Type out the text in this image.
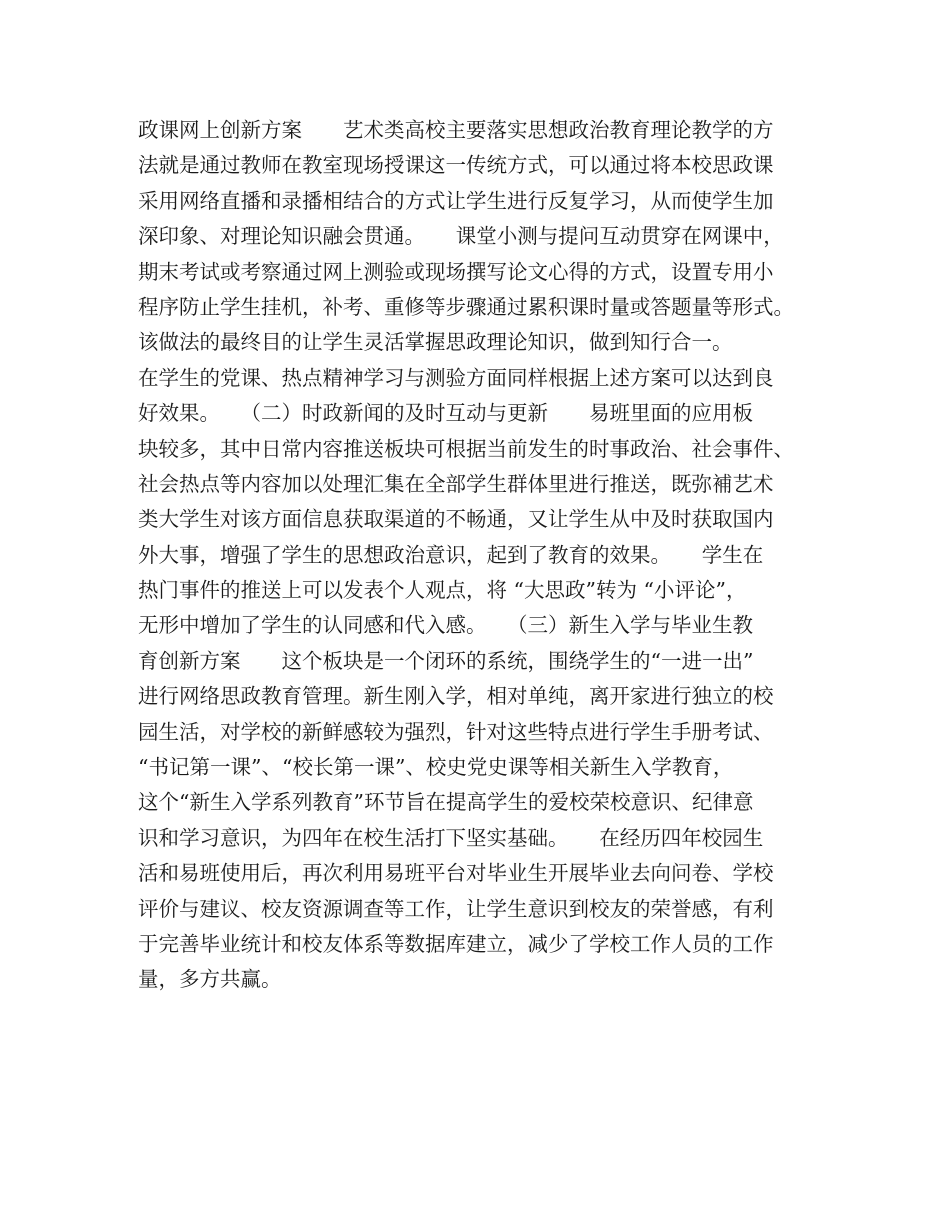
政课网上创新方案　　艺术类高校主要落实思想政治教育理论教学的方
法就是通过教师在教室现场授课这一传统方式，可以通过将本校思政课
采用网络直播和录播相结合的方式让学生进行反复学习，从而使学生加
深印象、对理论知识融会贯通。　　课堂小测与提问互动贯穿在网课中，
期末考试或考察通过网上测验或现场撰写论文心得的方式，设置专用小
程序防止学生挂机，补考、重修等步骤通过累积课时量或答题量等形式。
该做法的最终目的让学生灵活掌握思政理论知识，做到知行合一。
在学生的党课、热点精神学习与测验方面同样根据上述方案可以达到良
好效果。　　（二）时政新闻的及时互动与更新　　易班里面的应用板
块较多，其中日常内容推送板块可根据当前发生的时事政治、社会事件、
社会热点等内容加以处理汇集在全部学生群体里进行推送，既弥補艺术
类大学生对该方面信息获取渠道的不畅通，又让学生从中及时获取国内
外大事，增强了学生的思想政治意识，起到了教育的效果。　　学生在
热门事件的推送上可以发表个人观点，将 “大思政”转为 “小评论”，
无形中增加了学生的认同感和代入感。　　（三）新生入学与毕业生教
育创新方案　　这个板块是一个闭环的系统，围绕学生的“一进一出”
进行网络思政教育管理。新生刚入学，相对单纯，离开家进行独立的校
园生活，对学校的新鲜感较为强烈，针对这些特点进行学生手册考试、
“书记第一课”、“校长第一课”、校史党史课等相关新生入学教育，
这个“新生入学系列教育”环节旨在提高学生的爱校荣校意识、纪律意
识和学习意识，为四年在校生活打下坚实基础。　　在经历四年校园生
活和易班使用后，再次利用易班平台对毕业生开展毕业去向问卷、学校
评价与建议、校友资源调查等工作，让学生意识到校友的荣誉感，有利
于完善毕业统计和校友体系等数据库建立，减少了学校工作人员的工作
量，多方共赢。
